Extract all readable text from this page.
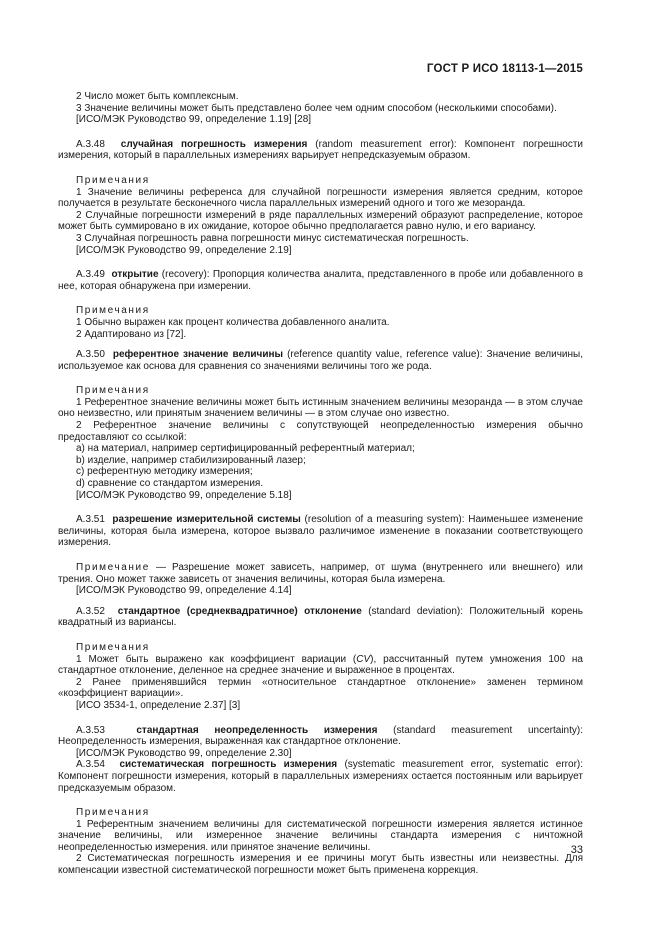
ГОСТ Р ИСО 18113-1—2015

2 Число может быть комплексным.

3 Значение величины может быть представлено более чем одним способом (несколькими способами).

[ИСО/МЭК Руководство 99, определение 1.19] [28]

A.3.48 случайная погрешность измерения (random measurement error): Компонент погрешности измерения, который в параллельных измерениях варьирует непредсказуемым образом.

Примечания

1 Значение величины референса для случайной погрешности измерения является средним, которое получается в результате бесконечного числа параллельных измерений одного и того же мезоранда.

2 Случайные погрешности измерений в ряде параллельных измерений образуют распределение, которое может быть суммировано в их ожидание, которое обычно предполагается равно нулю, и его вариансу.

3 Случайная погрешность равна погрешности минус систематическая погрешность.

[ИСО/МЭК Руководство 99, определение 2.19]

A.3.49 открытие (recovery): Пропорция количества аналита, представленного в пробе или добавленного в нее, которая обнаружена при измерении.

Примечания

1 Обычно выражен как процент количества добавленного аналита.

2 Адаптировано из [72].

A.3.50 референтное значение величины (reference quantity value, reference value): Значение величины, используемое как основа для сравнения со значениями величины того же рода.

Примечания

1 Референтное значение величины может быть истинным значением величины мезоранда — в этом случае оно неизвестно, или принятым значением величины — в этом случае оно известно.

2 Референтное значение величины с сопутствующей неопределенностью измерения обычно предоставляют со ссылкой:

a) на материал, например сертифицированный референтный материал;

b) изделие, например стабилизированный лазер;

c) референтную методику измерения;

d) сравнение со стандартом измерения.

[ИСО/МЭК Руководство 99, определение 5.18]

A.3.51 разрешение измерительной системы (resolution of a measuring system): Наименьшее изменение величины, которая была измерена, которое вызвало различимое изменение в показании соответствующего измерения.

Примечание — Разрешение может зависеть, например, от шума (внутреннего или внешнего) или трения. Оно может также зависеть от значения величины, которая была измерена.

[ИСО/МЭК Руководство 99, определение 4.14]

A.3.52 стандартное (среднеквадратичное) отклонение (standard deviation): Положительный корень квадратный из вариансы.

Примечания

1 Может быть выражено как коэффициент вариации (CV), рассчитанный путем умножения 100 на стандартное отклонение, деленное на среднее значение и выраженное в процентах.

2 Ранее применявшийся термин «относительное стандартное отклонение» заменен термином «коэффициент вариации».

[ИСО 3534-1, определение 2.37] [3]

A.3.53	стандартная неопределенность измерения (standard measurement uncertainty): Неопределенность измерения, выраженная как стандартное отклонение.

[ИСО/МЭК Руководство 99, определение 2.30]

A.3.54 систематическая погрешность измерения (systematic measurement error, systematic error): Компонент погрешности измерения, который в параллельных измерениях остается постоянным или варьирует предсказуемым образом.

Примечания

1 Референтным значением величины для систематической погрешности измерения является истинное значение величины, или измеренное значение величины стандарта измерения с ничтожной неопределенностью измерения. или принятое значение величины.

2 Систематическая погрешность измерения и ее причины могут быть известны или неизвестны. Для компенсации известной систематической погрешности может быть применена коррекция.

33
